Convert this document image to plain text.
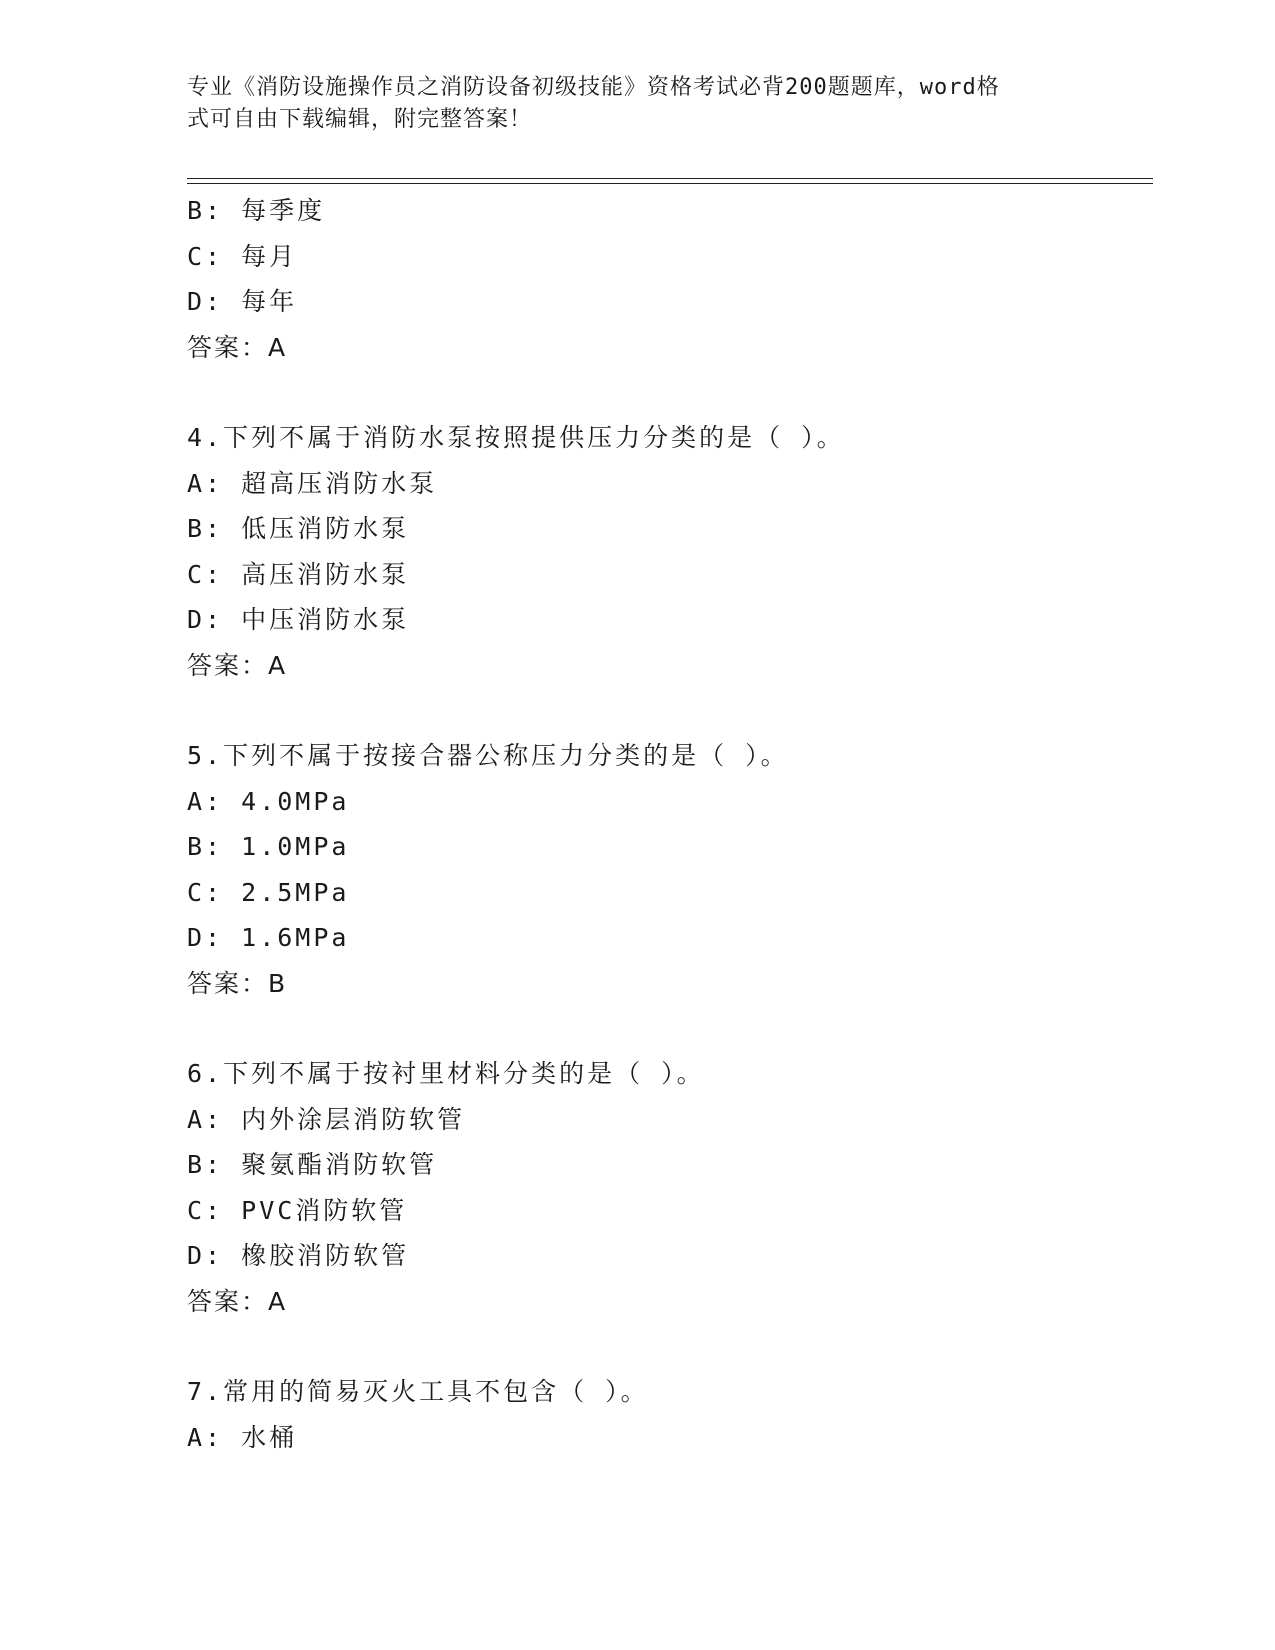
专业《消防设施操作员之消防设备初级技能》资格考试必背200题题库，word格
式可自由下载编辑，附完整答案！
B: 每季度
C: 每月
D: 每年
答案：A
4.下列不属于消防水泵按照提供压力分类的是（ ）。
A: 超高压消防水泵
B: 低压消防水泵
C: 高压消防水泵
D: 中压消防水泵
答案：A
5.下列不属于按接合器公称压力分类的是（ ）。
A: 4.0MPa
B: 1.0MPa
C: 2.5MPa
D: 1.6MPa
答案：B
6.下列不属于按衬里材料分类的是（ ）。
A: 内外涂层消防软管
B: 聚氨酯消防软管
C: PVC消防软管
D: 橡胶消防软管
答案：A
7.常用的简易灭火工具不包含（ ）。
A: 水桶
